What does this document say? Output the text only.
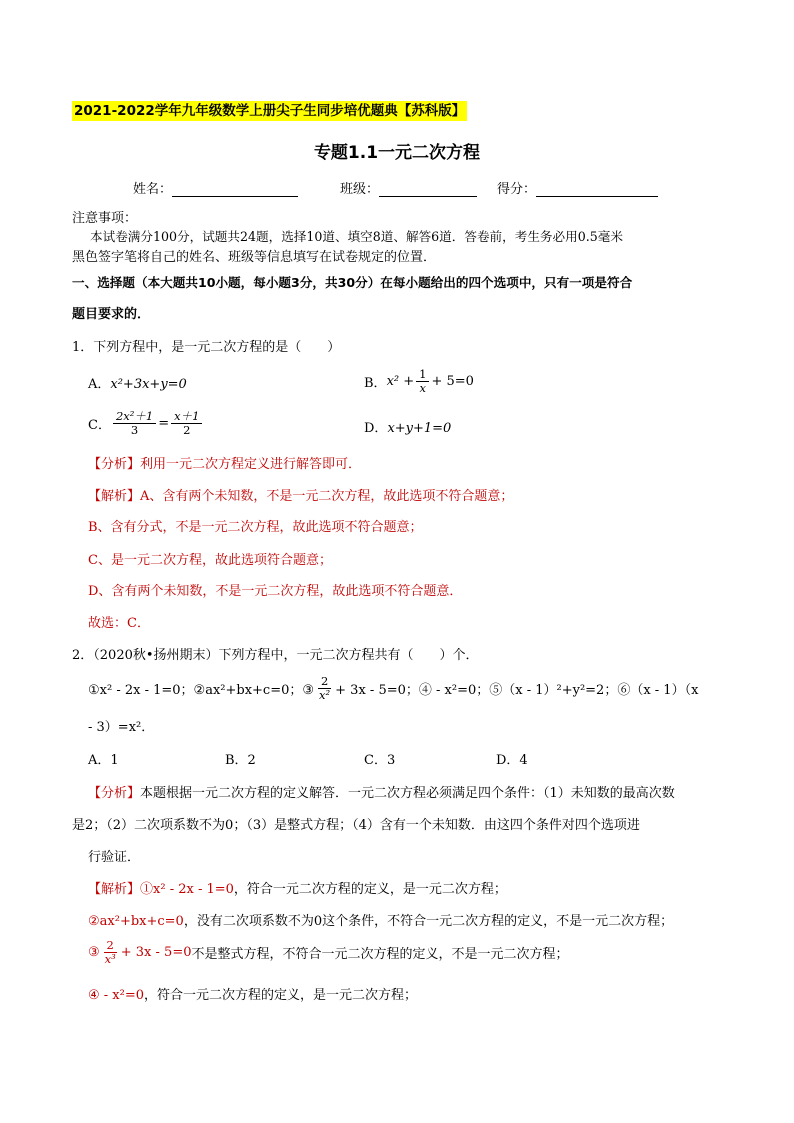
2021-2022学年九年级数学上册尖子生同步培优题典【苏科版】
专题1.1一元二次方程
姓名：	班级：	得分：
注意事项：
本试卷满分100分，试题共24题，选择10道、填空8道、解答6道．答卷前，考生务必用0.5毫米
黑色签字笔将自己的姓名、班级等信息填写在试卷规定的位置．
一、选择题（本大题共10小题，每小题3分，共30分）在每小题给出的四个选项中，只有一项是符合
题目要求的．
1．下列方程中，是一元二次方程的是（　　）
A．x²+3x+y=0	B． $x^2 + \frac{1}{x} + 5=0$
C． $\frac{\text{2x²＋1}}{3} = \frac{x+1}{2}$	D．x+y+1=0
【分析】利用一元二次方程定义进行解答即可．
【解析】A、含有两个未知数，不是一元二次方程，故此选项不符合题意；
B、含有分式，不是一元二次方程，故此选项不符合题意；
C、是一元二次方程，故此选项符合题意；
D、含有两个未知数，不是一元二次方程，故此选项不符合题意．
故选：C．
2．（2020秋•扬州期末）下列方程中，一元二次方程共有（　　）个．
①x² - 2x - 1=0；②ax²+bx+c=0；③ $\frac{2}{\text{x²}} + 3x - 5=0$；④ - x²=0；⑤（x - 1）²+y²=2；⑥（x - 1）（x
- 3）=x²．
A．1	B．2	C．3	D．4
【分析】本题根据一元二次方程的定义解答．一元二次方程必须满足四个条件：（1）未知数的最高次数
是2；（2）二次项系数不为0；（3）是整式方程；（4）含有一个未知数．由这四个条件对四个选项进
行验证．
【解析】①x² - 2x - 1=0，符合一元二次方程的定义，是一元二次方程；
②ax²+bx+c=0，没有二次项系数不为0这个条件，不符合一元二次方程的定义，不是一元二次方程；
③ $\frac{2}{\text{x³}} + 3x - 5=0$ 不是整式方程，不符合一元二次方程的定义，不是一元二次方程；
④ - x²=0，符合一元二次方程的定义，是一元二次方程；
